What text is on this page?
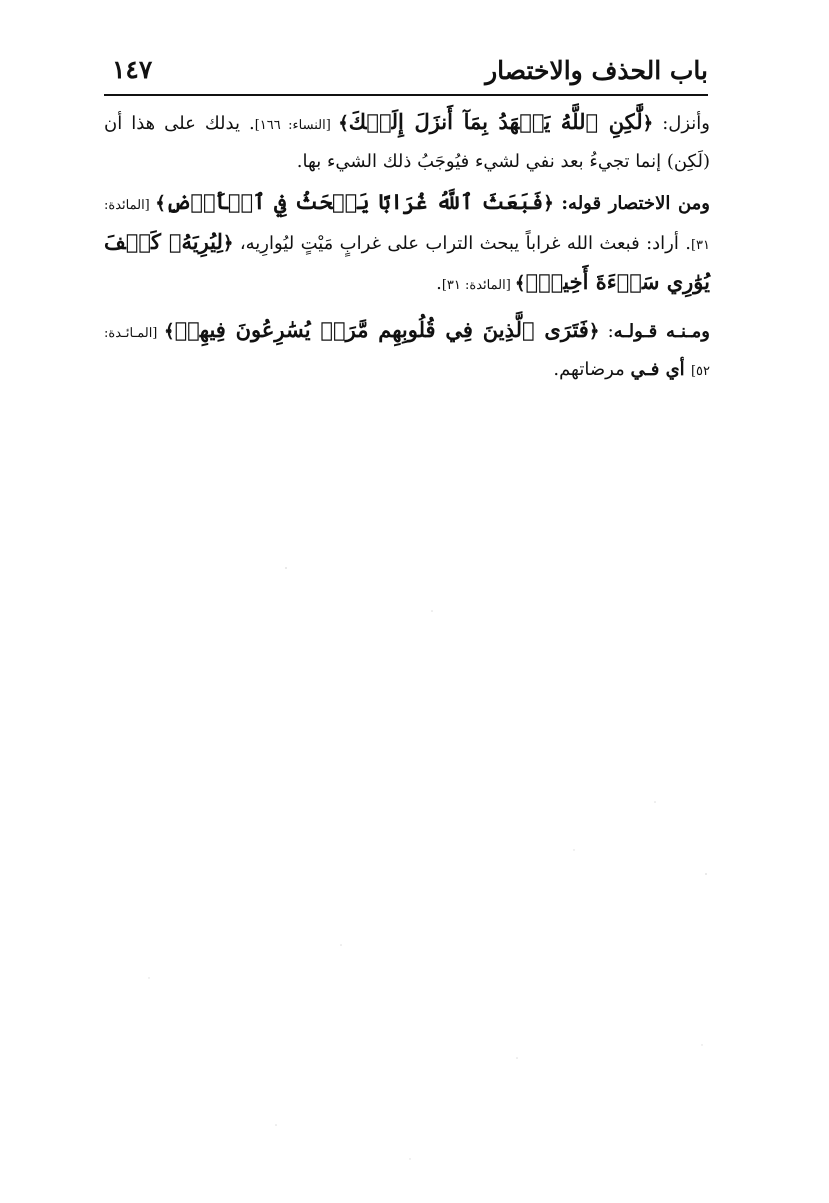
١٤٧	باب الحذف والاختصار

وأنزل: ﴿لَّٰكِنِ ٱللَّهُ يَشۡهَدُ بِمَآ أَنزَلَ إِلَيۡكَ﴾ [النساء: ١٦٦]. يدلك على هذا أن (لَكِن) إنما تجيءُ بعد نفي لشيء فيُوجَبُ ذلك الشيء بها.

ومن الاختصار قوله: ﴿فَبَعَثَ ٱللَّهُ غُرَابًا يَبۡحَثُ فِي ٱلۡأَرۡضِ﴾ [المائدة: ٣١]. أراد: فبعث الله غراباً يبحث التراب على غرابٍ مَيْتٍ ليُوارِيه، ﴿لِيُرِيَهُۥ كَيۡفَ يُوَٰرِي سَوۡءَةَ أَخِيهِۚ﴾ [المائدة: ٣١].

ومـنـه قـولـه: ﴿فَتَرَى ٱلَّذِينَ فِي قُلُوبِهِم مَّرَضٞ يُسَٰرِعُونَ فِيهِمۡ﴾ [المـائـدة: ٥٢] أي فـي مرضاتهم.
